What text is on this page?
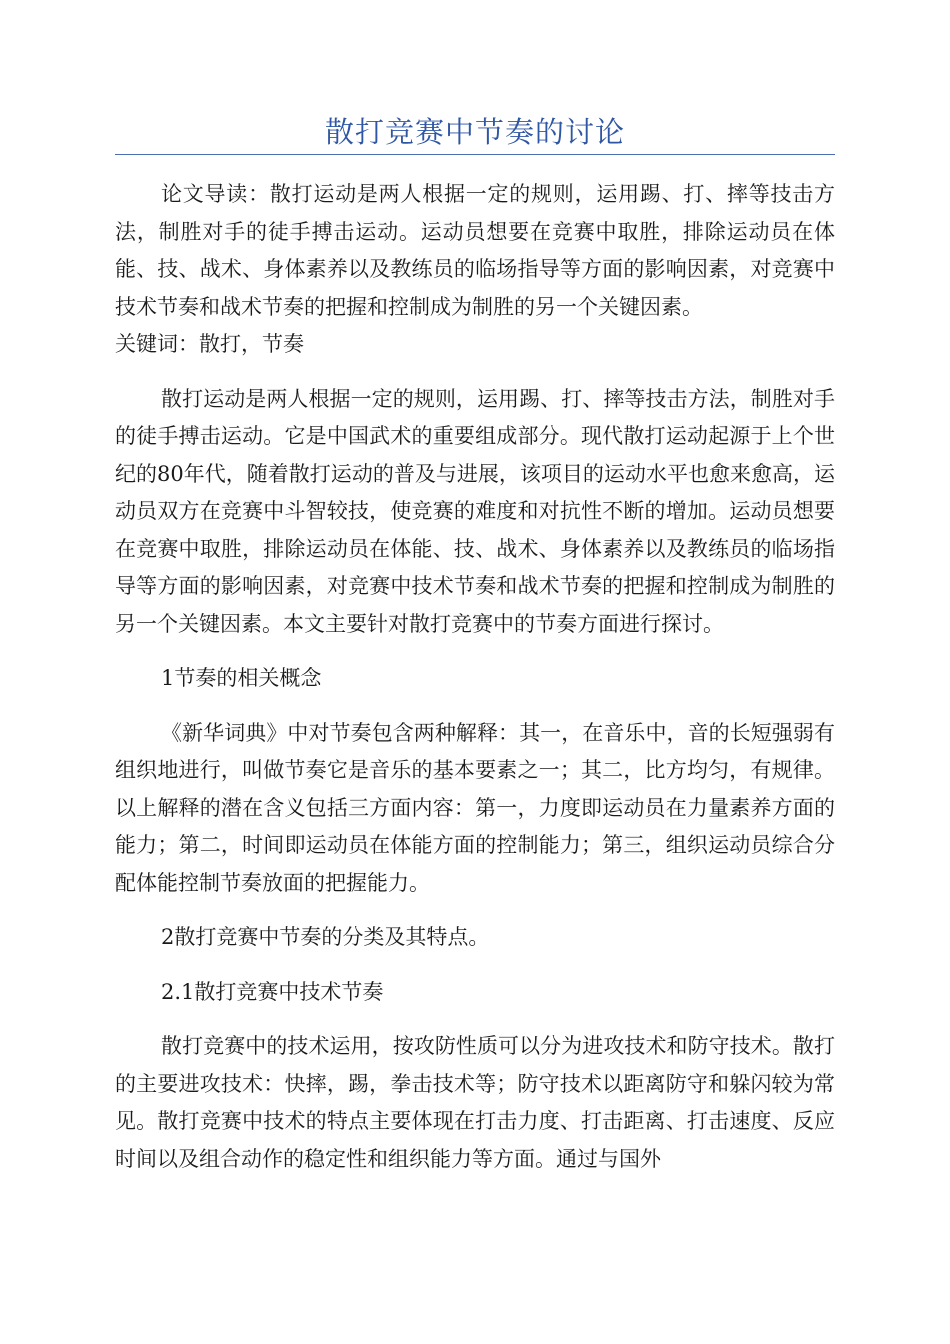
散打竞赛中节奏的讨论

论文导读：散打运动是两人根据一定的规则，运用踢、打、摔等技击方法，制胜对手的徒手搏击运动。运动员想要在竞赛中取胜，排除运动员在体能、技、战术、身体素养以及教练员的临场指导等方面的影响因素，对竞赛中技术节奏和战术节奏的把握和控制成为制胜的另一个关键因素。

关键词：散打，节奏

散打运动是两人根据一定的规则，运用踢、打、摔等技击方法，制胜对手的徒手搏击运动。它是中国武术的重要组成部分。现代散打运动起源于上个世纪的80年代，随着散打运动的普及与进展，该项目的运动水平也愈来愈高，运动员双方在竞赛中斗智较技，使竞赛的难度和对抗性不断的增加。运动员想要在竞赛中取胜，排除运动员在体能、技、战术、身体素养以及教练员的临场指导等方面的影响因素，对竞赛中技术节奏和战术节奏的把握和控制成为制胜的另一个关键因素。本文主要针对散打竞赛中的节奏方面进行探讨。

1节奏的相关概念

《新华词典》中对节奏包含两种解释：其一，在音乐中，音的长短强弱有组织地进行，叫做节奏它是音乐的基本要素之一；其二，比方均匀，有规律。以上解释的潜在含义包括三方面内容：第一，力度即运动员在力量素养方面的能力；第二，时间即运动员在体能方面的控制能力；第三，组织运动员综合分配体能控制节奏放面的把握能力。

2散打竞赛中节奏的分类及其特点。

2.1散打竞赛中技术节奏

散打竞赛中的技术运用，按攻防性质可以分为进攻技术和防守技术。散打的主要进攻技术：快摔，踢，拳击技术等；防守技术以距离防守和躲闪较为常见。散打竞赛中技术的特点主要体现在打击力度、打击距离、打击速度、反应时间以及组合动作的稳定性和组织能力等方面。通过与国外
